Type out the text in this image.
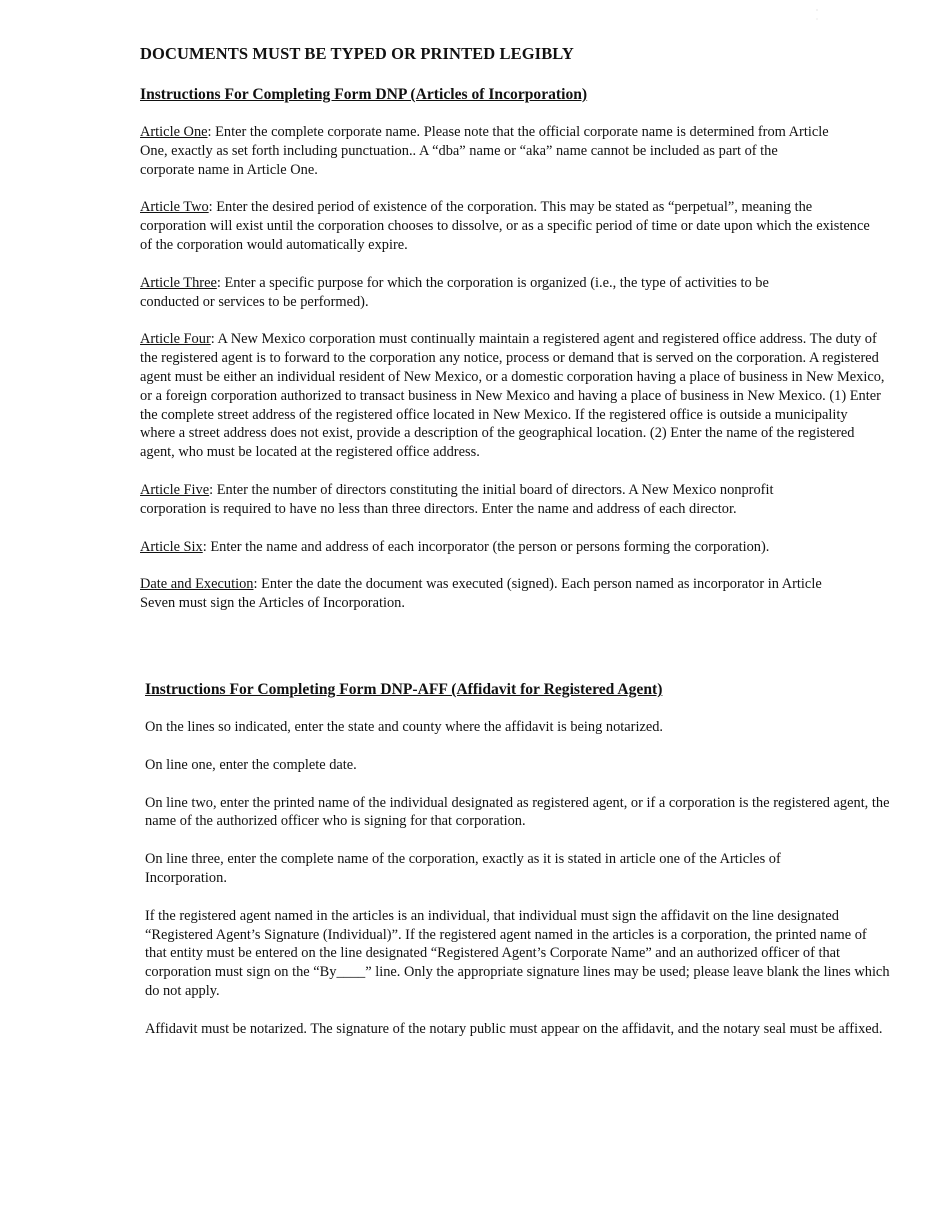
DOCUMENTS MUST BE TYPED OR PRINTED LEGIBLY
Instructions For Completing Form DNP (Articles of Incorporation)

Article One: Enter the complete corporate name. Please note that the official corporate name is determined from Article One, exactly as set forth including punctuation.. A “dba” name or “aka” name cannot be included as part of the corporate name in Article One.

Article Two: Enter the desired period of existence of the corporation. This may be stated as “perpetual”, meaning the corporation will exist until the corporation chooses to dissolve, or as a specific period of time or date upon which the existence of the corporation would automatically expire.

Article Three: Enter a specific purpose for which the corporation is organized (i.e., the type of activities to be conducted or services to be performed).

Article Four: A New Mexico corporation must continually maintain a registered agent and registered office address. The duty of the registered agent is to forward to the corporation any notice, process or demand that is served on the corporation. A registered agent must be either an individual resident of New Mexico, or a domestic corporation having a place of business in New Mexico, or a foreign corporation authorized to transact business in New Mexico and having a place of business in New Mexico. (1) Enter the complete street address of the registered office located in New Mexico. If the registered office is outside a municipality where a street address does not exist, provide a description of the geographical location. (2) Enter the name of the registered agent, who must be located at the registered office address.

Article Five: Enter the number of directors constituting the initial board of directors. A New Mexico nonprofit corporation is required to have no less than three directors. Enter the name and address of each director.

Article Six: Enter the name and address of each incorporator (the person or persons forming the corporation).

Date and Execution: Enter the date the document was executed (signed). Each person named as incorporator in Article Seven must sign the Articles of Incorporation.

Instructions For Completing Form DNP-AFF (Affidavit for Registered Agent)

On the lines so indicated, enter the state and county where the affidavit is being notarized.

On line one, enter the complete date.

On line two, enter the printed name of the individual designated as registered agent, or if a corporation is the registered agent, the name of the authorized officer who is signing for that corporation.

On line three, enter the complete name of the corporation, exactly as it is stated in article one of the Articles of Incorporation.

If the registered agent named in the articles is an individual, that individual must sign the affidavit on the line designated “Registered Agent’s Signature (Individual)”. If the registered agent named in the articles is a corporation, the printed name of that entity must be entered on the line designated “Registered Agent’s Corporate Name” and an authorized officer of that corporation must sign on the “By____” line. Only the appropriate signature lines may be used; please leave blank the lines which do not apply.

Affidavit must be notarized. The signature of the notary public must appear on the affidavit, and the notary seal must be affixed.
